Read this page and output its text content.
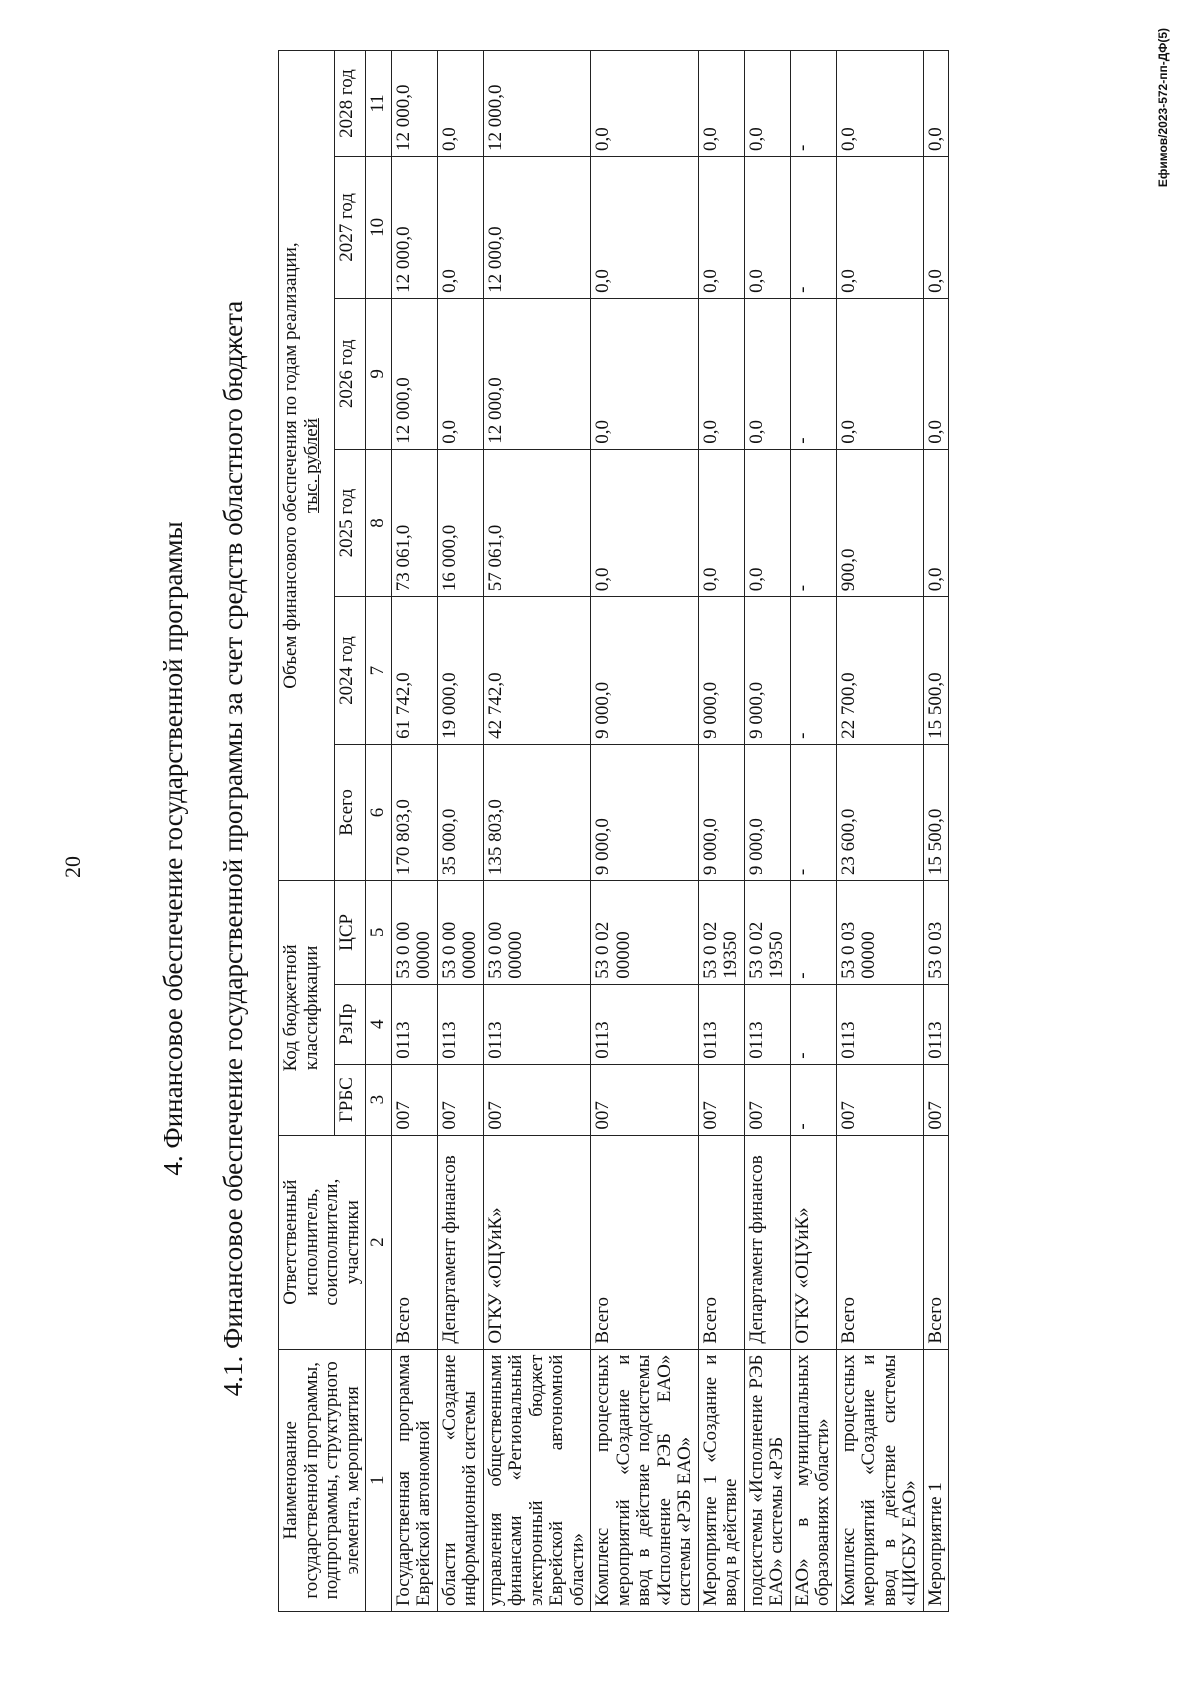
20	4. Финансовое обеспечение государственной программы 4.1. Финансовое обеспечение государственной программы за счет средств областного бюджета
Наименование государственной программы, подпрограммы, структурного элемента, мероприятия	Ответственный исполнитель, соисполнители, участники	Код бюджетной классификации			Объем финансового обеспечения по годам реализации,
тыс. рублей					
		ГРБС	РзПр	ЦСР	Всего	2024 год	2025 год	2026 год	2027 год	2028 год
1	2	3	4	5	6	7	8	9	10	11
Государственная программа Еврейской автономной	Всего	007	0113	53 0 00 00000	170 803,0	61 742,0	73 061,0	12 000,0	12 000,0	12 000,0
области «Создание информационной системы	Департамент финансов	007	0113	53 0 00 00000	35 000,0	19 000,0	16 000,0	0,0	0,0	0,0
управления общественными финансами «Региональный электронный бюджет Еврейской автономной области»	ОГКУ «ОЦУиК»	007	0113	53 0 00 00000	135 803,0	42 742,0	57 061,0	12 000,0	12 000,0	12 000,0
Комплекс процессных мероприятий «Создание и ввод в действие подсистемы «Исполнение РЭБ ЕАО» системы «РЭБ ЕАО»	Всего	007	0113	53 0 02 00000	9 000,0	9 000,0	0,0	0,0	0,0	0,0
Мероприятие 1 «Создание и ввод в действие	Всего	007	0113	53 0 02 19350	9 000,0	9 000,0	0,0	0,0	0,0	0,0
подсистемы «Исполнение РЭБ ЕАО» системы «РЭБ	Департамент финансов	007	0113	53 0 02 19350	9 000,0	9 000,0	0,0	0,0	0,0	0,0
ЕАО» в муниципальных образованиях области»	ОГКУ «ОЦУиК»	-	-	-	-	-	-	-	-	-
Комплекс процессных мероприятий «Создание и ввод в действие системы «ЦИСБУ ЕАО»	Всего	007	0113	53 0 03 00000	23 600,0	22 700,0	900,0	0,0	0,0	0,0
Мероприятие 1	Всего	007	0113	53 0 03	15 500,0	15 500,0	0,0	0,0	0,0	0,0	Ефимов/2023-572-пп-ДФ(5)
